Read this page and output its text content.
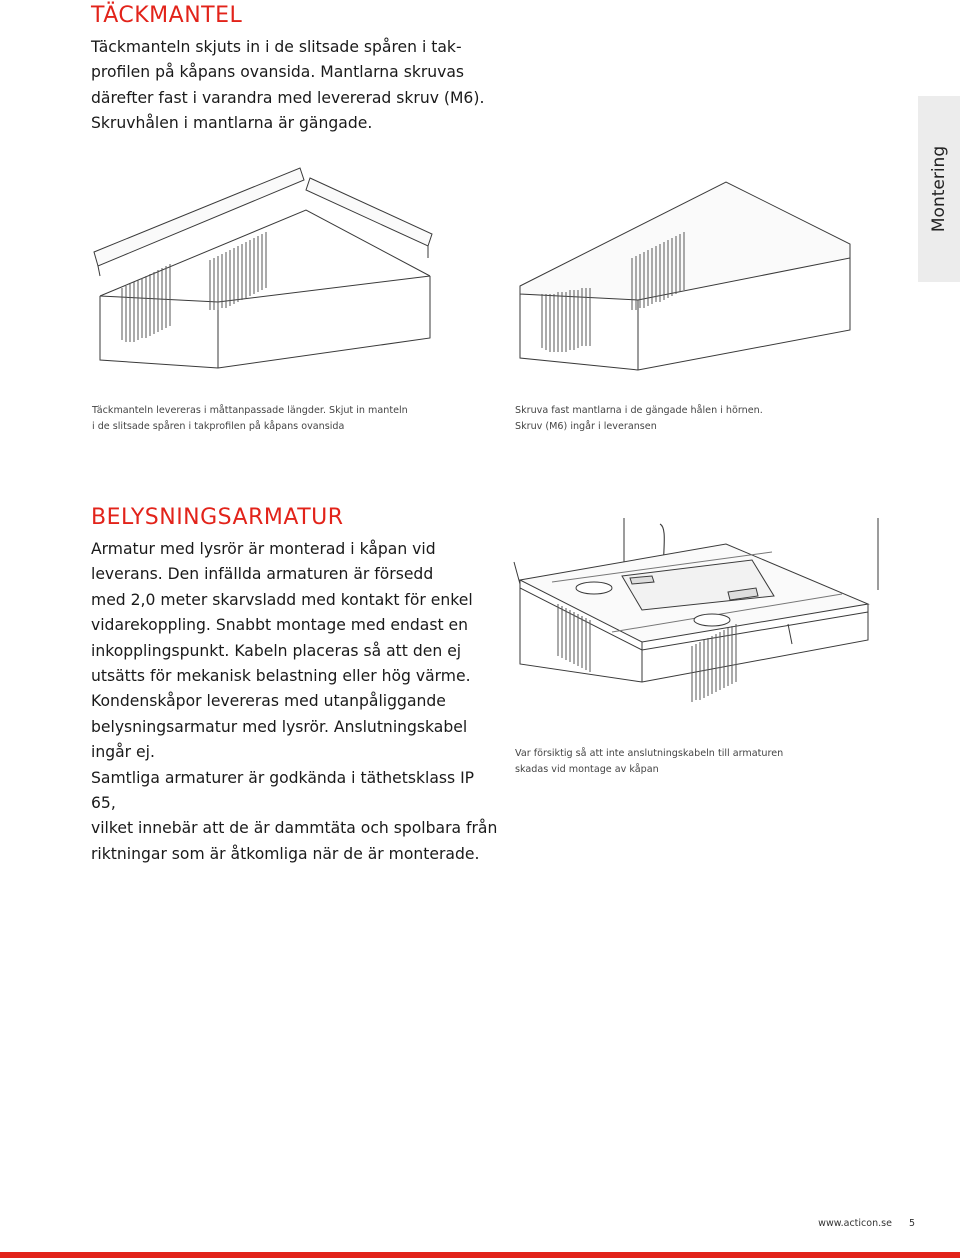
TÄCKMANTEL

Täckmanteln skjuts in i de slitsade spåren i tak-

profilen på kåpans ovansida. Mantlarna skruvas

därefter fast i varandra med levererad skruv (M6).

Skruvhålen i mantlarna är gängade.

Montering

Täckmanteln levereras i måttanpassade längder. Skjut in manteln

i de slitsade spåren i takprofilen på kåpans ovansida

Skruva fast mantlarna i de gängade hålen i hörnen.

Skruv (M6) ingår i leveransen

BELYSNINGSARMATUR

Armatur med lysrör är monterad i kåpan vid

leverans. Den infällda armaturen är försedd

med 2,0 meter skarvsladd med kontakt för enkel

vidarekoppling. Snabbt montage med endast en

inkopplingspunkt. Kabeln placeras så att den ej

utsätts för mekanisk belastning eller hög värme.

Kondenskåpor levereras med utanpåliggande

belysningsarmatur med lysrör. Anslutningskabel

ingår ej.

Samtliga armaturer är godkända i täthetsklass IP 65,

vilket innebär att de är dammtäta och spolbara från

riktningar som är åtkomliga när de är monterade.

Var försiktig så att inte anslutningskabeln till armaturen

skadas vid montage av kåpan

www.acticon.se 5
